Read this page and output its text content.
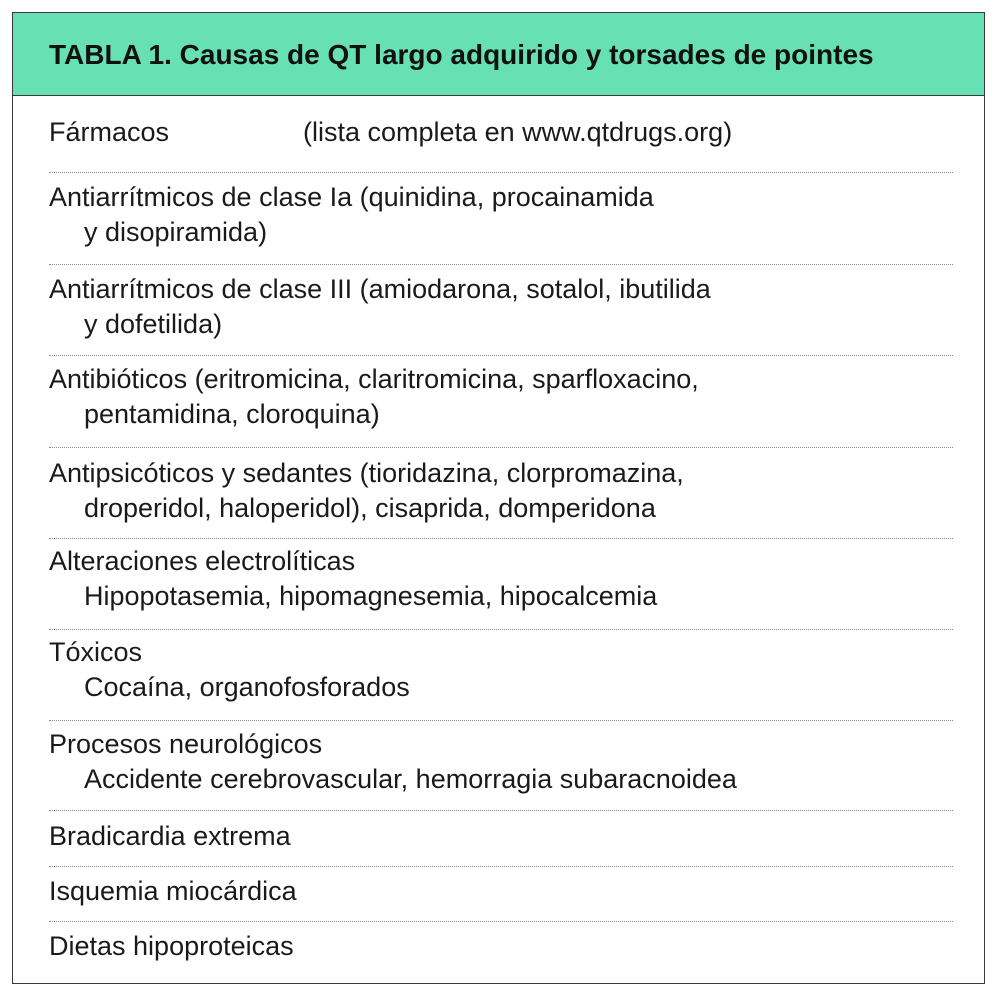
TABLA 1. Causas de QT largo adquirido y torsades de pointes
Fármacos	(lista completa en www.qtdrugs.org)
Antiarrítmicos de clase Ia (quinidina, procainamida
y disopiramida)
Antiarrítmicos de clase III (amiodarona, sotalol, ibutilida
y dofetilida)
Antibióticos (eritromicina, claritromicina, sparfloxacino,
pentamidina, cloroquina)
Antipsicóticos y sedantes (tioridazina, clorpromazina,
droperidol, haloperidol), cisaprida, domperidona
Alteraciones electrolíticas
Hipopotasemia, hipomagnesemia, hipocalcemia
Tóxicos
Cocaína, organofosforados
Procesos neurológicos
Accidente cerebrovascular, hemorragia subaracnoidea
Bradicardia extrema
Isquemia miocárdica
Dietas hipoproteicas
